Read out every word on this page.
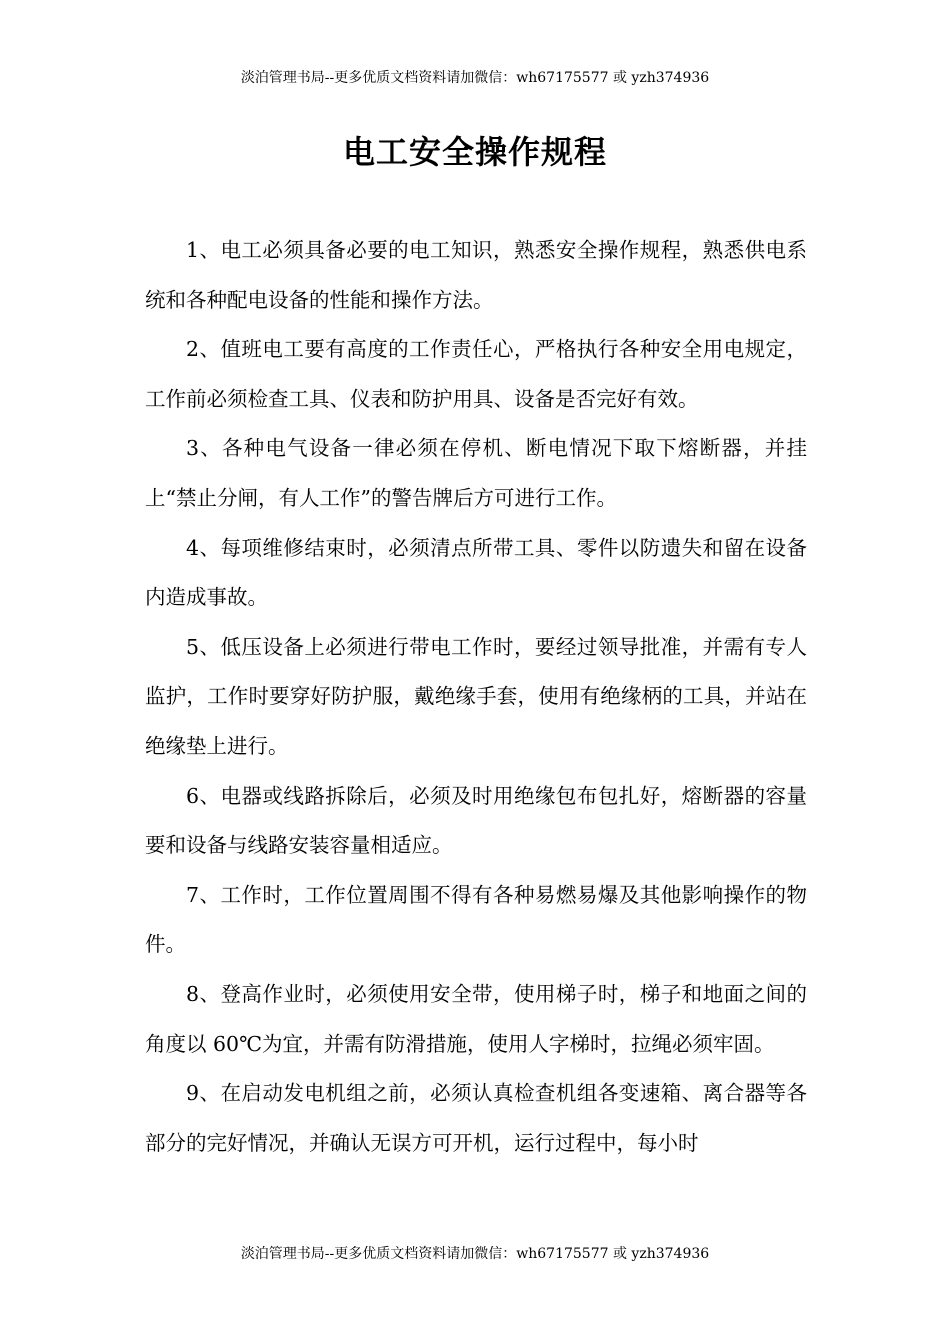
淡泊管理书局--更多优质文档资料请加微信：wh67175577 或 yzh374936
电工安全操作规程

1、电工必须具备必要的电工知识，熟悉安全操作规程，熟悉供电系统和各种配电设备的性能和操作方法。

2、值班电工要有高度的工作责任心，严格执行各种安全用电规定，工作前必须检查工具、仪表和防护用具、设备是否完好有效。

3、各种电气设备一律必须在停机、断电情况下取下熔断器，并挂上“禁止分闸，有人工作”的警告牌后方可进行工作。

4、每项维修结束时，必须清点所带工具、零件以防遗失和留在设备内造成事故。

5、低压设备上必须进行带电工作时，要经过领导批准，并需有专人监护，工作时要穿好防护服，戴绝缘手套，使用有绝缘柄的工具，并站在绝缘垫上进行。

6、电器或线路拆除后，必须及时用绝缘包布包扎好，熔断器的容量要和设备与线路安装容量相适应。

7、工作时，工作位置周围不得有各种易燃易爆及其他影响操作的物件。

8、登高作业时，必须使用安全带，使用梯子时，梯子和地面之间的角度以 60℃为宜，并需有防滑措施，使用人字梯时，拉绳必须牢固。

9、在启动发电机组之前，必须认真检查机组各变速箱、离合器等各部分的完好情况，并确认无误方可开机，运行过程中，每小时

淡泊管理书局--更多优质文档资料请加微信：wh67175577 或 yzh374936
